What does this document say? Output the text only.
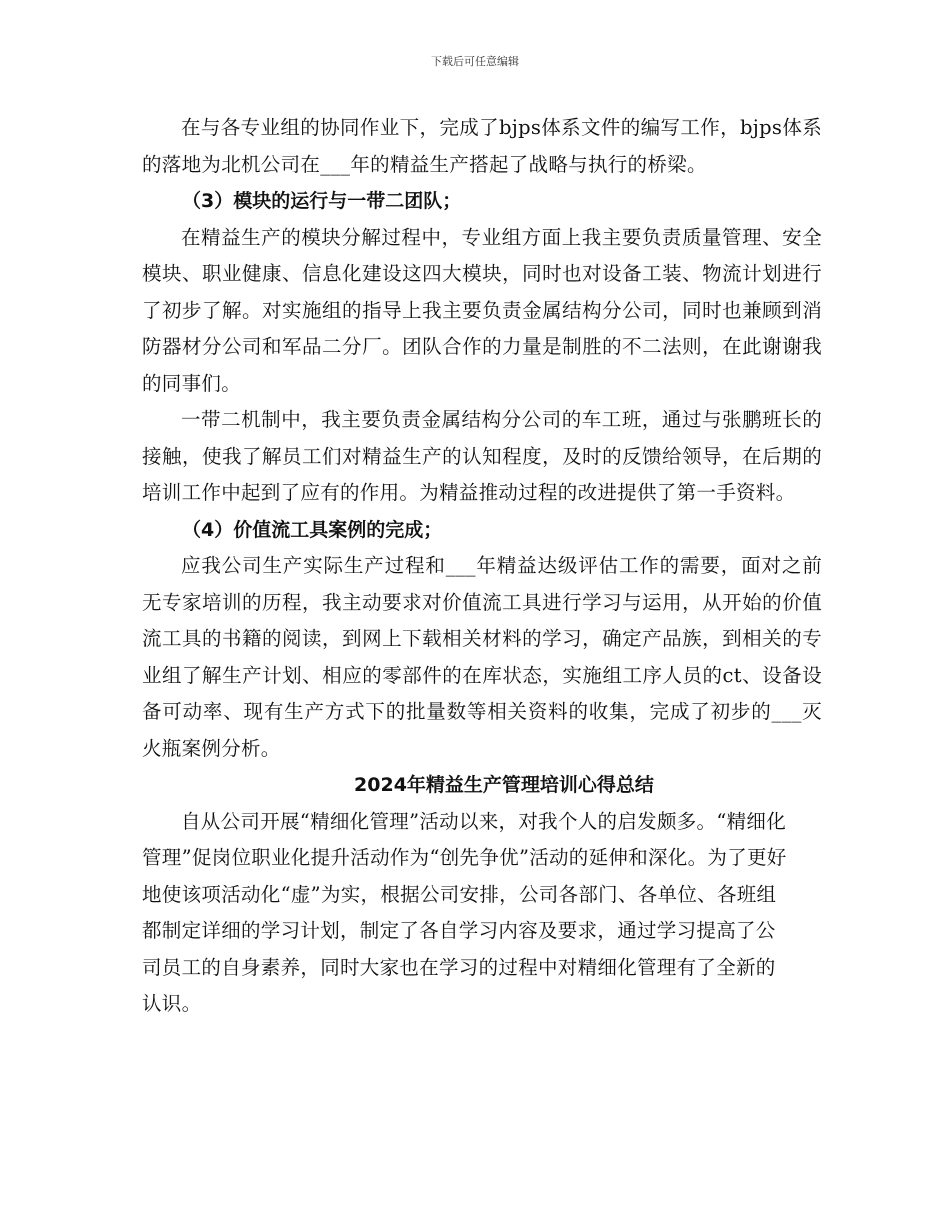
下载后可任意编辑

在与各专业组的协同作业下，完成了bjps体系文件的编写工作，bjps体系的落地为北机公司在___年的精益生产搭起了战略与执行的桥梁。

（3）模块的运行与一带二团队；

在精益生产的模块分解过程中，专业组方面上我主要负责质量管理、安全模块、职业健康、信息化建设这四大模块，同时也对设备工装、物流计划进行了初步了解。对实施组的指导上我主要负责金属结构分公司，同时也兼顾到消防器材分公司和军品二分厂。团队合作的力量是制胜的不二法则，在此谢谢我的同事们。

一带二机制中，我主要负责金属结构分公司的车工班，通过与张鹏班长的接触，使我了解员工们对精益生产的认知程度，及时的反馈给领导，在后期的培训工作中起到了应有的作用。为精益推动过程的改进提供了第一手资料。

（4）价值流工具案例的完成；

应我公司生产实际生产过程和___年精益达级评估工作的需要，面对之前无专家培训的历程，我主动要求对价值流工具进行学习与运用，从开始的价值流工具的书籍的阅读，到网上下载相关材料的学习，确定产品族，到相关的专业组了解生产计划、相应的零部件的在库状态，实施组工序人员的ct、设备设备可动率、现有生产方式下的批量数等相关资料的收集，完成了初步的___灭火瓶案例分析。

2024年精益生产管理培训心得总结

自从公司开展“精细化管理”活动以来，对我个人的启发颇多。“精细化管理”促岗位职业化提升活动作为“创先争优”活动的延伸和深化。为了更好地使该项活动化“虚”为实，根据公司安排，公司各部门、各单位、各班组都制定详细的学习计划，制定了各自学习内容及要求，通过学习提高了公司员工的自身素养，同时大家也在学习的过程中对精细化管理有了全新的认识。
